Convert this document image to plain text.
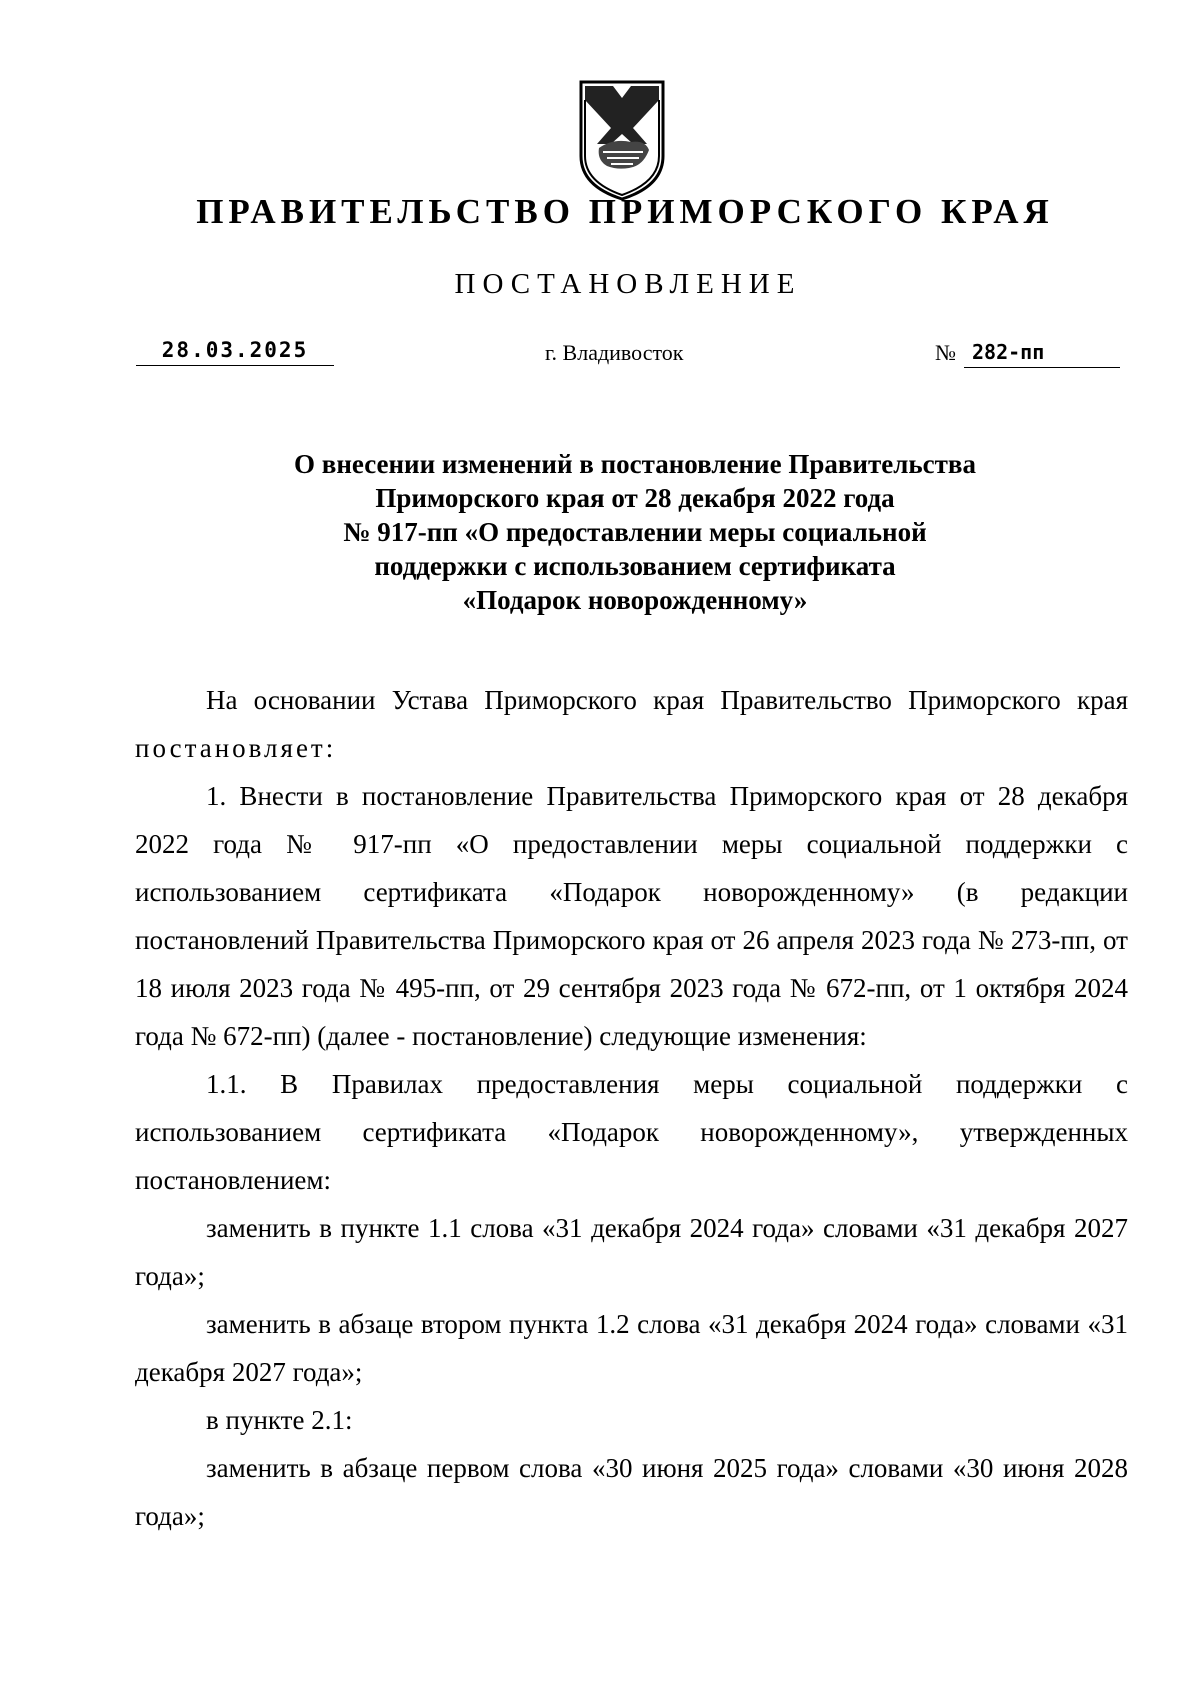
ПРАВИТЕЛЬСТВО ПРИМОРСКОГО КРАЯ
ПОСТАНОВЛЕНИЕ
28.03.2025	г. Владивосток	№ 282-пп
О внесении изменений в постановление Правительства
Приморского края от 28 декабря 2022 года
№ 917-пп «О предоставлении меры социальной
поддержки с использованием сертификата
«Подарок новорожденному»

На основании Устава Приморского края Правительство Приморского края постановляет:

1. Внести в постановление Правительства Приморского края от 28 декабря 2022 года № 917-пп «О предоставлении меры социальной поддержки с использованием сертификата «Подарок новорожденному» (в редакции постановлений Правительства Приморского края от 26 апреля 2023 года № 273-пп, от 18 июля 2023 года № 495-пп, от 29 сентября 2023 года № 672-пп, от 1 октября 2024 года № 672-пп) (далее - постановление) следующие изменения:

1.1. В Правилах предоставления меры социальной поддержки с использованием сертификата «Подарок новорожденному», утвержденных постановлением:

заменить в пункте 1.1 слова «31 декабря 2024 года» словами «31 декабря 2027 года»;

заменить в абзаце втором пункта 1.2 слова «31 декабря 2024 года» словами «31 декабря 2027 года»;

в пункте 2.1:

заменить в абзаце первом слова «30 июня 2025 года» словами «30 июня 2028 года»;
